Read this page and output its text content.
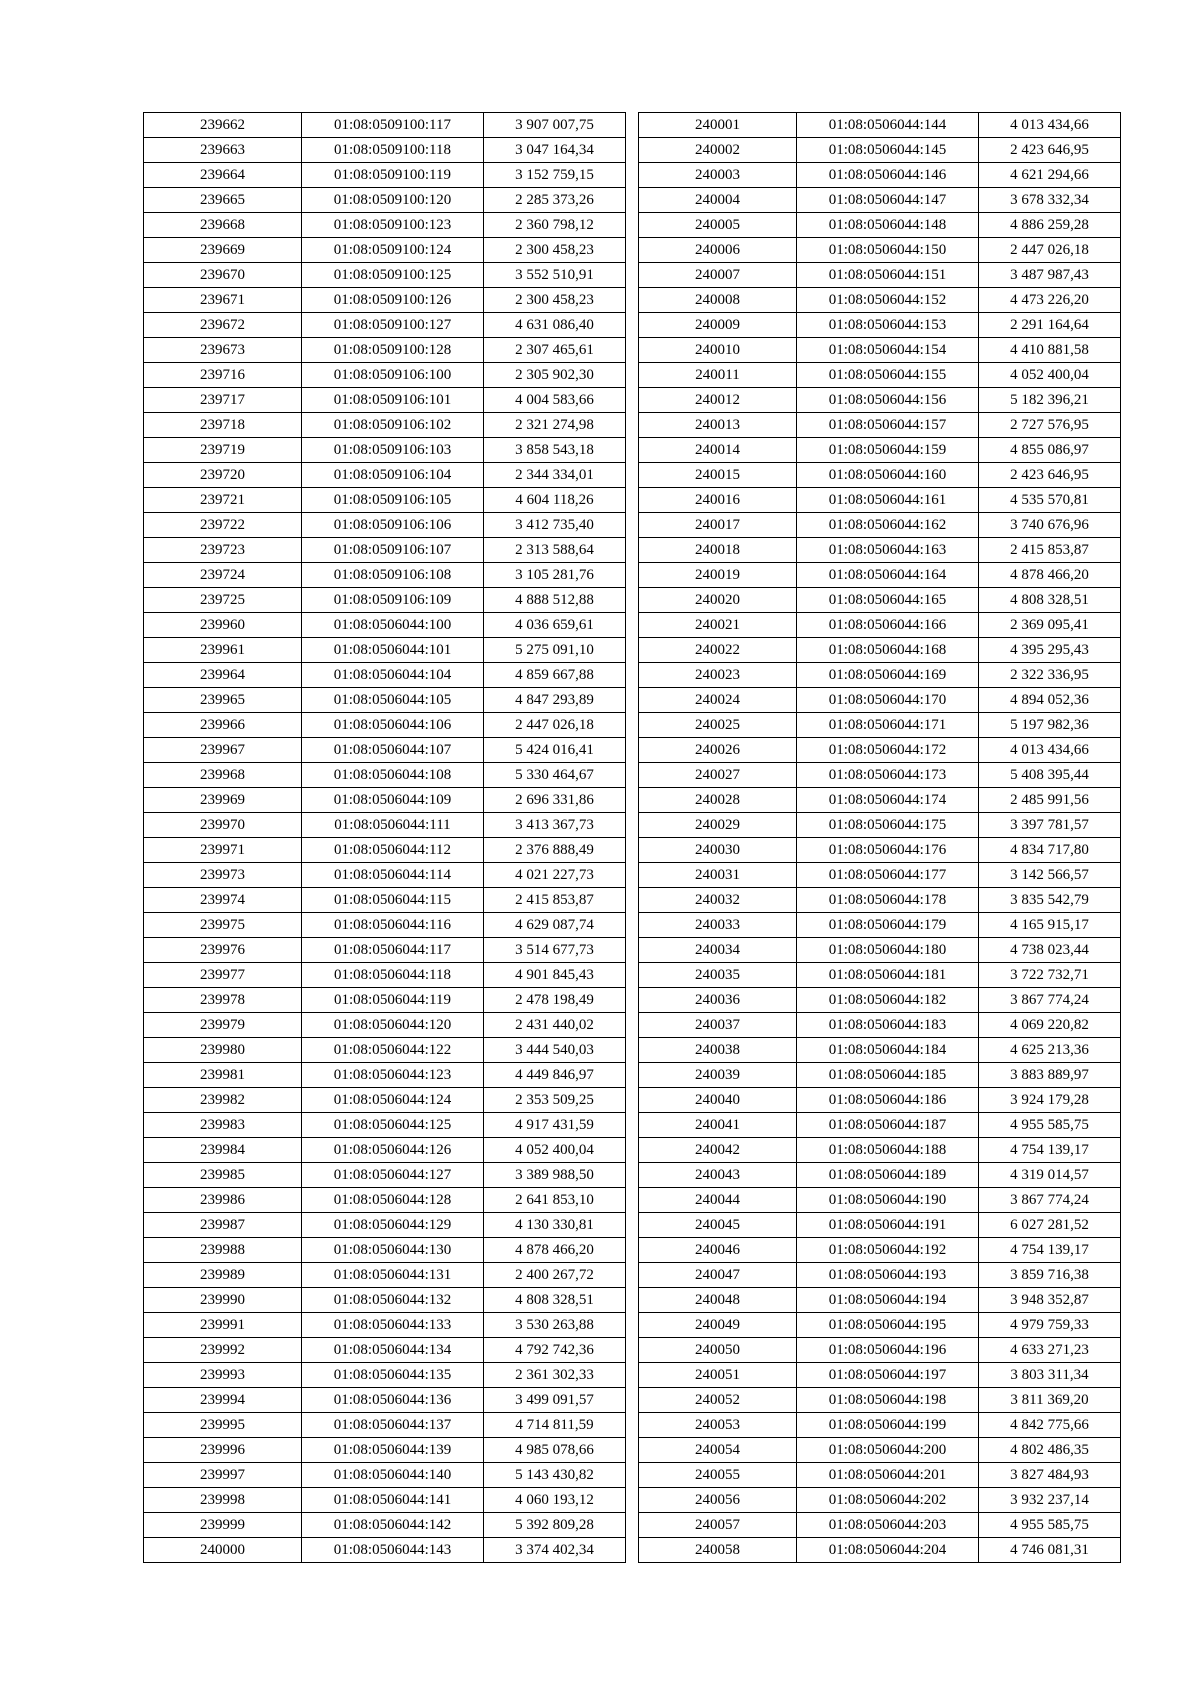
239662	01:08:0509100:117	3 907 007,75
239663	01:08:0509100:118	3 047 164,34
239664	01:08:0509100:119	3 152 759,15
239665	01:08:0509100:120	2 285 373,26
239668	01:08:0509100:123	2 360 798,12
239669	01:08:0509100:124	2 300 458,23
239670	01:08:0509100:125	3 552 510,91
239671	01:08:0509100:126	2 300 458,23
239672	01:08:0509100:127	4 631 086,40
239673	01:08:0509100:128	2 307 465,61
239716	01:08:0509106:100	2 305 902,30
239717	01:08:0509106:101	4 004 583,66
239718	01:08:0509106:102	2 321 274,98
239719	01:08:0509106:103	3 858 543,18
239720	01:08:0509106:104	2 344 334,01
239721	01:08:0509106:105	4 604 118,26
239722	01:08:0509106:106	3 412 735,40
239723	01:08:0509106:107	2 313 588,64
239724	01:08:0509106:108	3 105 281,76
239725	01:08:0509106:109	4 888 512,88
239960	01:08:0506044:100	4 036 659,61
239961	01:08:0506044:101	5 275 091,10
239964	01:08:0506044:104	4 859 667,88
239965	01:08:0506044:105	4 847 293,89
239966	01:08:0506044:106	2 447 026,18
239967	01:08:0506044:107	5 424 016,41
239968	01:08:0506044:108	5 330 464,67
239969	01:08:0506044:109	2 696 331,86
239970	01:08:0506044:111	3 413 367,73
239971	01:08:0506044:112	2 376 888,49
239973	01:08:0506044:114	4 021 227,73
239974	01:08:0506044:115	2 415 853,87
239975	01:08:0506044:116	4 629 087,74
239976	01:08:0506044:117	3 514 677,73
239977	01:08:0506044:118	4 901 845,43
239978	01:08:0506044:119	2 478 198,49
239979	01:08:0506044:120	2 431 440,02
239980	01:08:0506044:122	3 444 540,03
239981	01:08:0506044:123	4 449 846,97
239982	01:08:0506044:124	2 353 509,25
239983	01:08:0506044:125	4 917 431,59
239984	01:08:0506044:126	4 052 400,04
239985	01:08:0506044:127	3 389 988,50
239986	01:08:0506044:128	2 641 853,10
239987	01:08:0506044:129	4 130 330,81
239988	01:08:0506044:130	4 878 466,20
239989	01:08:0506044:131	2 400 267,72
239990	01:08:0506044:132	4 808 328,51
239991	01:08:0506044:133	3 530 263,88
239992	01:08:0506044:134	4 792 742,36
239993	01:08:0506044:135	2 361 302,33
239994	01:08:0506044:136	3 499 091,57
239995	01:08:0506044:137	4 714 811,59
239996	01:08:0506044:139	4 985 078,66
239997	01:08:0506044:140	5 143 430,82
239998	01:08:0506044:141	4 060 193,12
239999	01:08:0506044:142	5 392 809,28
240000	01:08:0506044:143	3 374 402,34
240001	01:08:0506044:144	4 013 434,66
240002	01:08:0506044:145	2 423 646,95
240003	01:08:0506044:146	4 621 294,66
240004	01:08:0506044:147	3 678 332,34
240005	01:08:0506044:148	4 886 259,28
240006	01:08:0506044:150	2 447 026,18
240007	01:08:0506044:151	3 487 987,43
240008	01:08:0506044:152	4 473 226,20
240009	01:08:0506044:153	2 291 164,64
240010	01:08:0506044:154	4 410 881,58
240011	01:08:0506044:155	4 052 400,04
240012	01:08:0506044:156	5 182 396,21
240013	01:08:0506044:157	2 727 576,95
240014	01:08:0506044:159	4 855 086,97
240015	01:08:0506044:160	2 423 646,95
240016	01:08:0506044:161	4 535 570,81
240017	01:08:0506044:162	3 740 676,96
240018	01:08:0506044:163	2 415 853,87
240019	01:08:0506044:164	4 878 466,20
240020	01:08:0506044:165	4 808 328,51
240021	01:08:0506044:166	2 369 095,41
240022	01:08:0506044:168	4 395 295,43
240023	01:08:0506044:169	2 322 336,95
240024	01:08:0506044:170	4 894 052,36
240025	01:08:0506044:171	5 197 982,36
240026	01:08:0506044:172	4 013 434,66
240027	01:08:0506044:173	5 408 395,44
240028	01:08:0506044:174	2 485 991,56
240029	01:08:0506044:175	3 397 781,57
240030	01:08:0506044:176	4 834 717,80
240031	01:08:0506044:177	3 142 566,57
240032	01:08:0506044:178	3 835 542,79
240033	01:08:0506044:179	4 165 915,17
240034	01:08:0506044:180	4 738 023,44
240035	01:08:0506044:181	3 722 732,71
240036	01:08:0506044:182	3 867 774,24
240037	01:08:0506044:183	4 069 220,82
240038	01:08:0506044:184	4 625 213,36
240039	01:08:0506044:185	3 883 889,97
240040	01:08:0506044:186	3 924 179,28
240041	01:08:0506044:187	4 955 585,75
240042	01:08:0506044:188	4 754 139,17
240043	01:08:0506044:189	4 319 014,57
240044	01:08:0506044:190	3 867 774,24
240045	01:08:0506044:191	6 027 281,52
240046	01:08:0506044:192	4 754 139,17
240047	01:08:0506044:193	3 859 716,38
240048	01:08:0506044:194	3 948 352,87
240049	01:08:0506044:195	4 979 759,33
240050	01:08:0506044:196	4 633 271,23
240051	01:08:0506044:197	3 803 311,34
240052	01:08:0506044:198	3 811 369,20
240053	01:08:0506044:199	4 842 775,66
240054	01:08:0506044:200	4 802 486,35
240055	01:08:0506044:201	3 827 484,93
240056	01:08:0506044:202	3 932 237,14
240057	01:08:0506044:203	4 955 585,75
240058	01:08:0506044:204	4 746 081,31
